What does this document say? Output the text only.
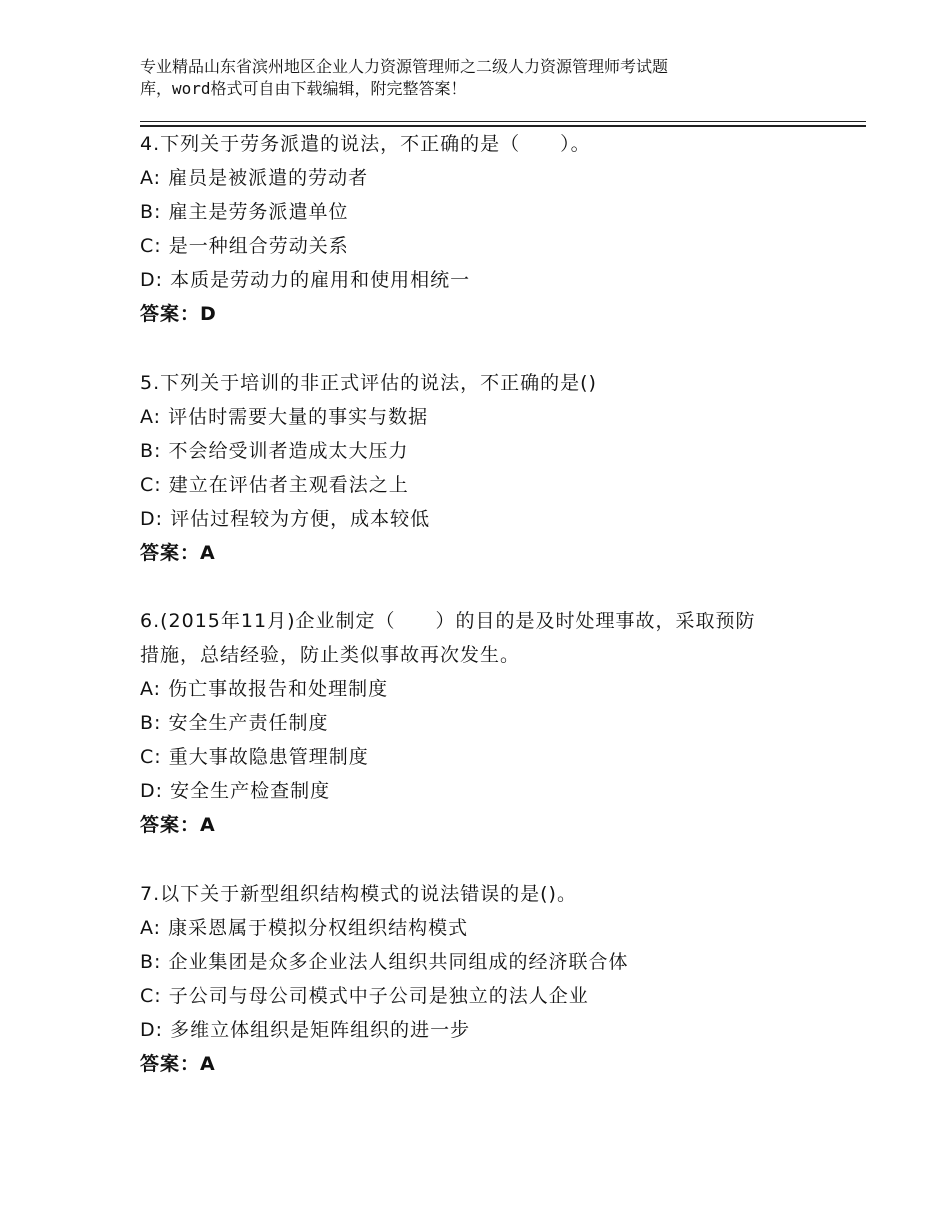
专业精品山东省滨州地区企业人力资源管理师之二级人力资源管理师考试题
库，word格式可自由下载编辑，附完整答案！
4.下列关于劳务派遣的说法，不正确的是（　　）。
A: 雇员是被派遣的劳动者
B: 雇主是劳务派遣单位
C: 是一种组合劳动关系
D: 本质是劳动力的雇用和使用相统一
答案：D
5.下列关于培训的非正式评估的说法，不正确的是()
A: 评估时需要大量的事实与数据
B: 不会给受训者造成太大压力
C: 建立在评估者主观看法之上
D: 评估过程较为方便，成本较低
答案：A
6.(2015年11月)企业制定（　　）的目的是及时处理事故，采取预防
措施，总结经验，防止类似事故再次发生。
A: 伤亡事故报告和处理制度
B: 安全生产责任制度
C: 重大事故隐患管理制度
D: 安全生产检查制度
答案：A
7.以下关于新型组织结构模式的说法错误的是()。
A: 康采恩属于模拟分权组织结构模式
B: 企业集团是众多企业法人组织共同组成的经济联合体
C: 子公司与母公司模式中子公司是独立的法人企业
D: 多维立体组织是矩阵组织的进一步
答案：A
